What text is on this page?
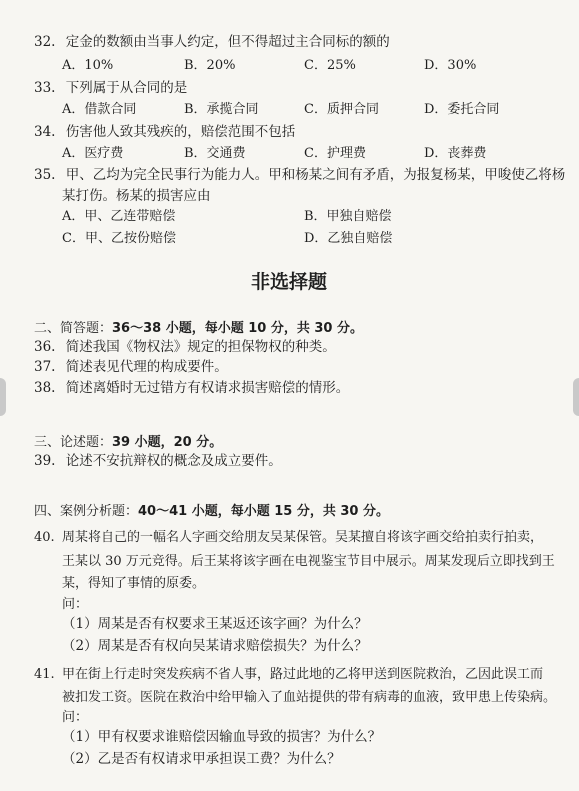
32. 定金的数额由当事人约定，但不得超过主合同标的额的
A．10%	B．20%	C．25%	D．30%
33. 下列属于从合同的是
A．借款合同	B．承揽合同	C．质押合同	D．委托合同
34. 伤害他人致其残疾的，赔偿范围不包括
A．医疗费	B．交通费	C．护理费	D．丧葬费
35. 甲、乙均为完全民事行为能力人。甲和杨某之间有矛盾，为报复杨某，甲唆使乙将杨
某打伤。杨某的损害应由
A．甲、乙连带赔偿	B．甲独自赔偿
C．甲、乙按份赔偿	D．乙独自赔偿
非选择题
二、简答题：36～38 小题，每小题 10 分，共 30 分。
36. 简述我国《物权法》规定的担保物权的种类。
37. 简述表见代理的构成要件。
38. 简述离婚时无过错方有权请求损害赔偿的情形。
三、论述题：39 小题，20 分。
39. 论述不安抗辩权的概念及成立要件。
四、案例分析题：40～41 小题，每小题 15 分，共 30 分。
40. 周某将自己的一幅名人字画交给朋友吴某保管。吴某擅自将该字画交给拍卖行拍卖，
王某以 30 万元竞得。后王某将该字画在电视鉴宝节目中展示。周某发现后立即找到王
某，得知了事情的原委。
问：
（1）周某是否有权要求王某返还该字画？为什么？
（2）周某是否有权向吴某请求赔偿损失？为什么？
41. 甲在街上行走时突发疾病不省人事，路过此地的乙将甲送到医院救治，乙因此误工而
被扣发工资。医院在救治中给甲输入了血站提供的带有病毒的血液，致甲患上传染病。
问：
（1）甲有权要求谁赔偿因输血导致的损害？为什么？
（2）乙是否有权请求甲承担误工费？为什么？
